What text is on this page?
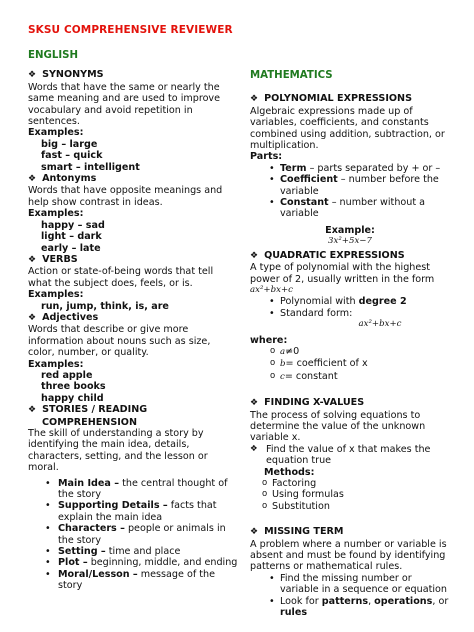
SKSU COMPREHENSIVE REVIEWER
ENGLISH
❖ SYNONYMS

Words that have the same or nearly the same meaning and are used to improve vocabulary and avoid repetition in sentences.

Examples:

big – large
fast – quick
smart – intelligent
❖ Antonyms

Words that have opposite meanings and help show contrast in ideas.

Examples:

happy – sad
light – dark
early – late
❖ VERBS

Action or state-of-being words that tell what the subject does, feels, or is.

Examples:

run, jump, think, is, are
❖ Adjectives

Words that describe or give more information about nouns such as size, color, number, or quality.

Examples:

red apple
three books
happy child
❖ STORIES / READING
COMPREHENSION

The skill of understanding a story by identifying the main idea, details, characters, setting, and the lesson or moral.

• Main Idea – the central thought of the story
• Supporting Details – facts that explain the main idea
• Characters – people or animals in the story
• Setting – time and place
• Plot – beginning, middle, and ending
• Moral/Lesson – message of the story
MATHEMATICS
❖ POLYNOMIAL EXPRESSIONS

Algebraic expressions made up of variables, coefficients, and constants combined using addition, subtraction, or multiplication.

Parts:

• Term – parts separated by + or –
• Coefficient – number before the variable
• Constant – number without a variable
Example:
3x²+5x−7
❖ QUADRATIC EXPRESSIONS

A type of polynomial with the highest power of 2, usually written in the form

ax²+bx+c
• Polynomial with degree 2
• Standard form:
ax²+bx+c

where:

o a≠0
o b= coefficient of x
o c= constant
❖ FINDING X-VALUES

The process of solving equations to determine the value of the unknown variable x.

❖ Find the value of x that makes the equation true
Methods:
o Factoring
o Using formulas
o Substitution
❖ MISSING TERM

A problem where a number or variable is absent and must be found by identifying patterns or mathematical rules.

• Find the missing number or variable in a sequence or equation
• Look for patterns, operations, or rules
